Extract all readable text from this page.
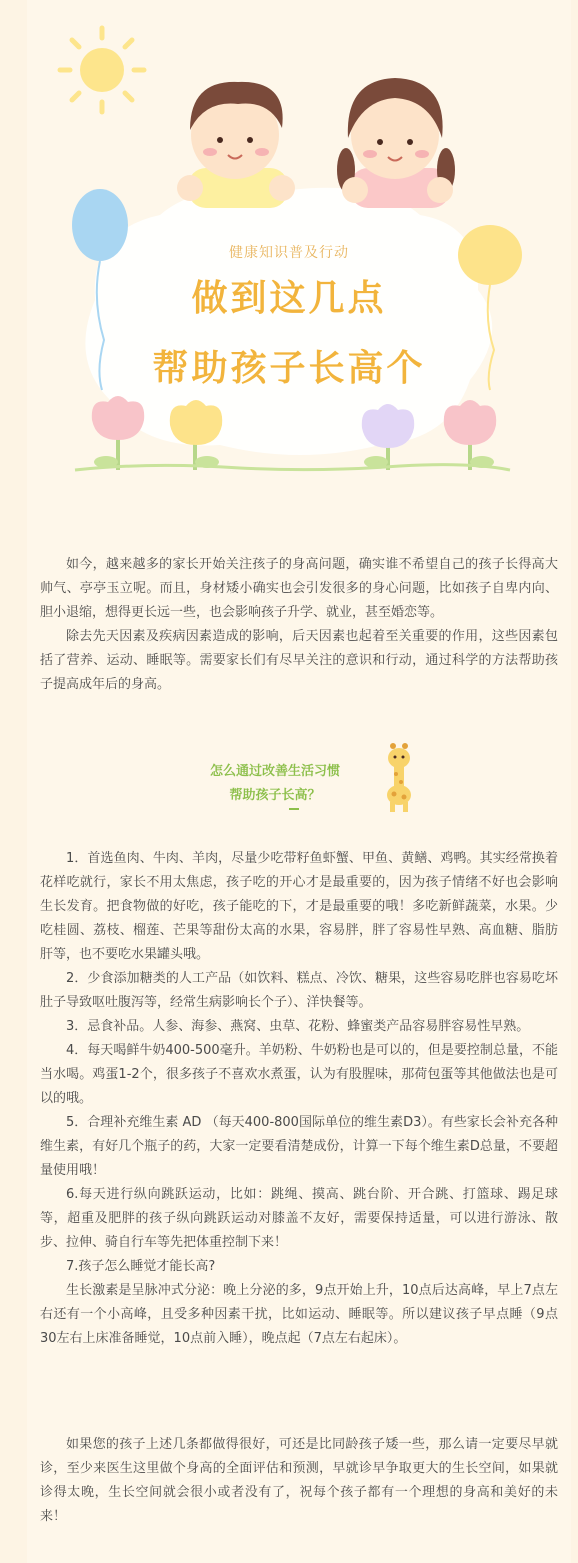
健康知识普及行动
做到这几点
帮助孩子长高个

如今，越来越多的家长开始关注孩子的身高问题，确实谁不希望自己的孩子长得高大帅气、亭亭玉立呢。而且，身材矮小确实也会引发很多的身心问题，比如孩子自卑内向、胆小退缩，想得更长远一些，也会影响孩子升学、就业，甚至婚恋等。

除去先天因素及疾病因素造成的影响，后天因素也起着至关重要的作用，这些因素包括了营养、运动、睡眠等。需要家长们有尽早关注的意识和行动，通过科学的方法帮助孩子提高成年后的身高。

怎么通过改善生活习惯
帮助孩子长高？

1．首选鱼肉、牛肉、羊肉，尽量少吃带籽鱼虾蟹、甲鱼、黄鳝、鸡鸭。其实经常换着花样吃就行，家长不用太焦虑，孩子吃的开心才是最重要的，因为孩子情绪不好也会影响生长发育。把食物做的好吃，孩子能吃的下，才是最重要的哦！多吃新鲜蔬菜，水果。少吃桂圆、荔枝、榴莲、芒果等甜份太高的水果，容易胖，胖了容易性早熟、高血糖、脂肪肝等，也不要吃水果罐头哦。

2．少食添加糖类的人工产品（如饮料、糕点、冷饮、糖果，这些容易吃胖也容易吃坏肚子导致呕吐腹泻等，经常生病影响长个子）、洋快餐等。

3．忌食补品。人参、海参、燕窝、虫草、花粉、蜂蜜类产品容易胖容易性早熟。

4．每天喝鲜牛奶400-500毫升。羊奶粉、牛奶粉也是可以的，但是要控制总量，不能当水喝。鸡蛋1-2个，很多孩子不喜欢水煮蛋，认为有股腥味，那荷包蛋等其他做法也是可以的哦。

5．合理补充维生素 AD （每天400-800国际单位的维生素D3）。有些家长会补充各种维生素，有好几个瓶子的药，大家一定要看清楚成份，计算一下每个维生素D总量，不要超量使用哦！

6.每天进行纵向跳跃运动，比如：跳绳、摸高、跳台阶、开合跳、打篮球、踢足球等，超重及肥胖的孩子纵向跳跃运动对膝盖不友好，需要保持适量，可以进行游泳、散步、拉伸、骑自行车等先把体重控制下来！

7.孩子怎么睡觉才能长高?

生长激素是呈脉冲式分泌：晚上分泌的多，9点开始上升，10点后达高峰，早上7点左右还有一个小高峰，且受多种因素干扰，比如运动、睡眠等。所以建议孩子早点睡（9点30左右上床准备睡觉，10点前入睡），晚点起（7点左右起床）。

如果您的孩子上述几条都做得很好，可还是比同龄孩子矮一些，那么请一定要尽早就诊，至少来医生这里做个身高的全面评估和预测，早就诊早争取更大的生长空间，如果就诊得太晚，生长空间就会很小或者没有了，祝每个孩子都有一个理想的身高和美好的未来！
